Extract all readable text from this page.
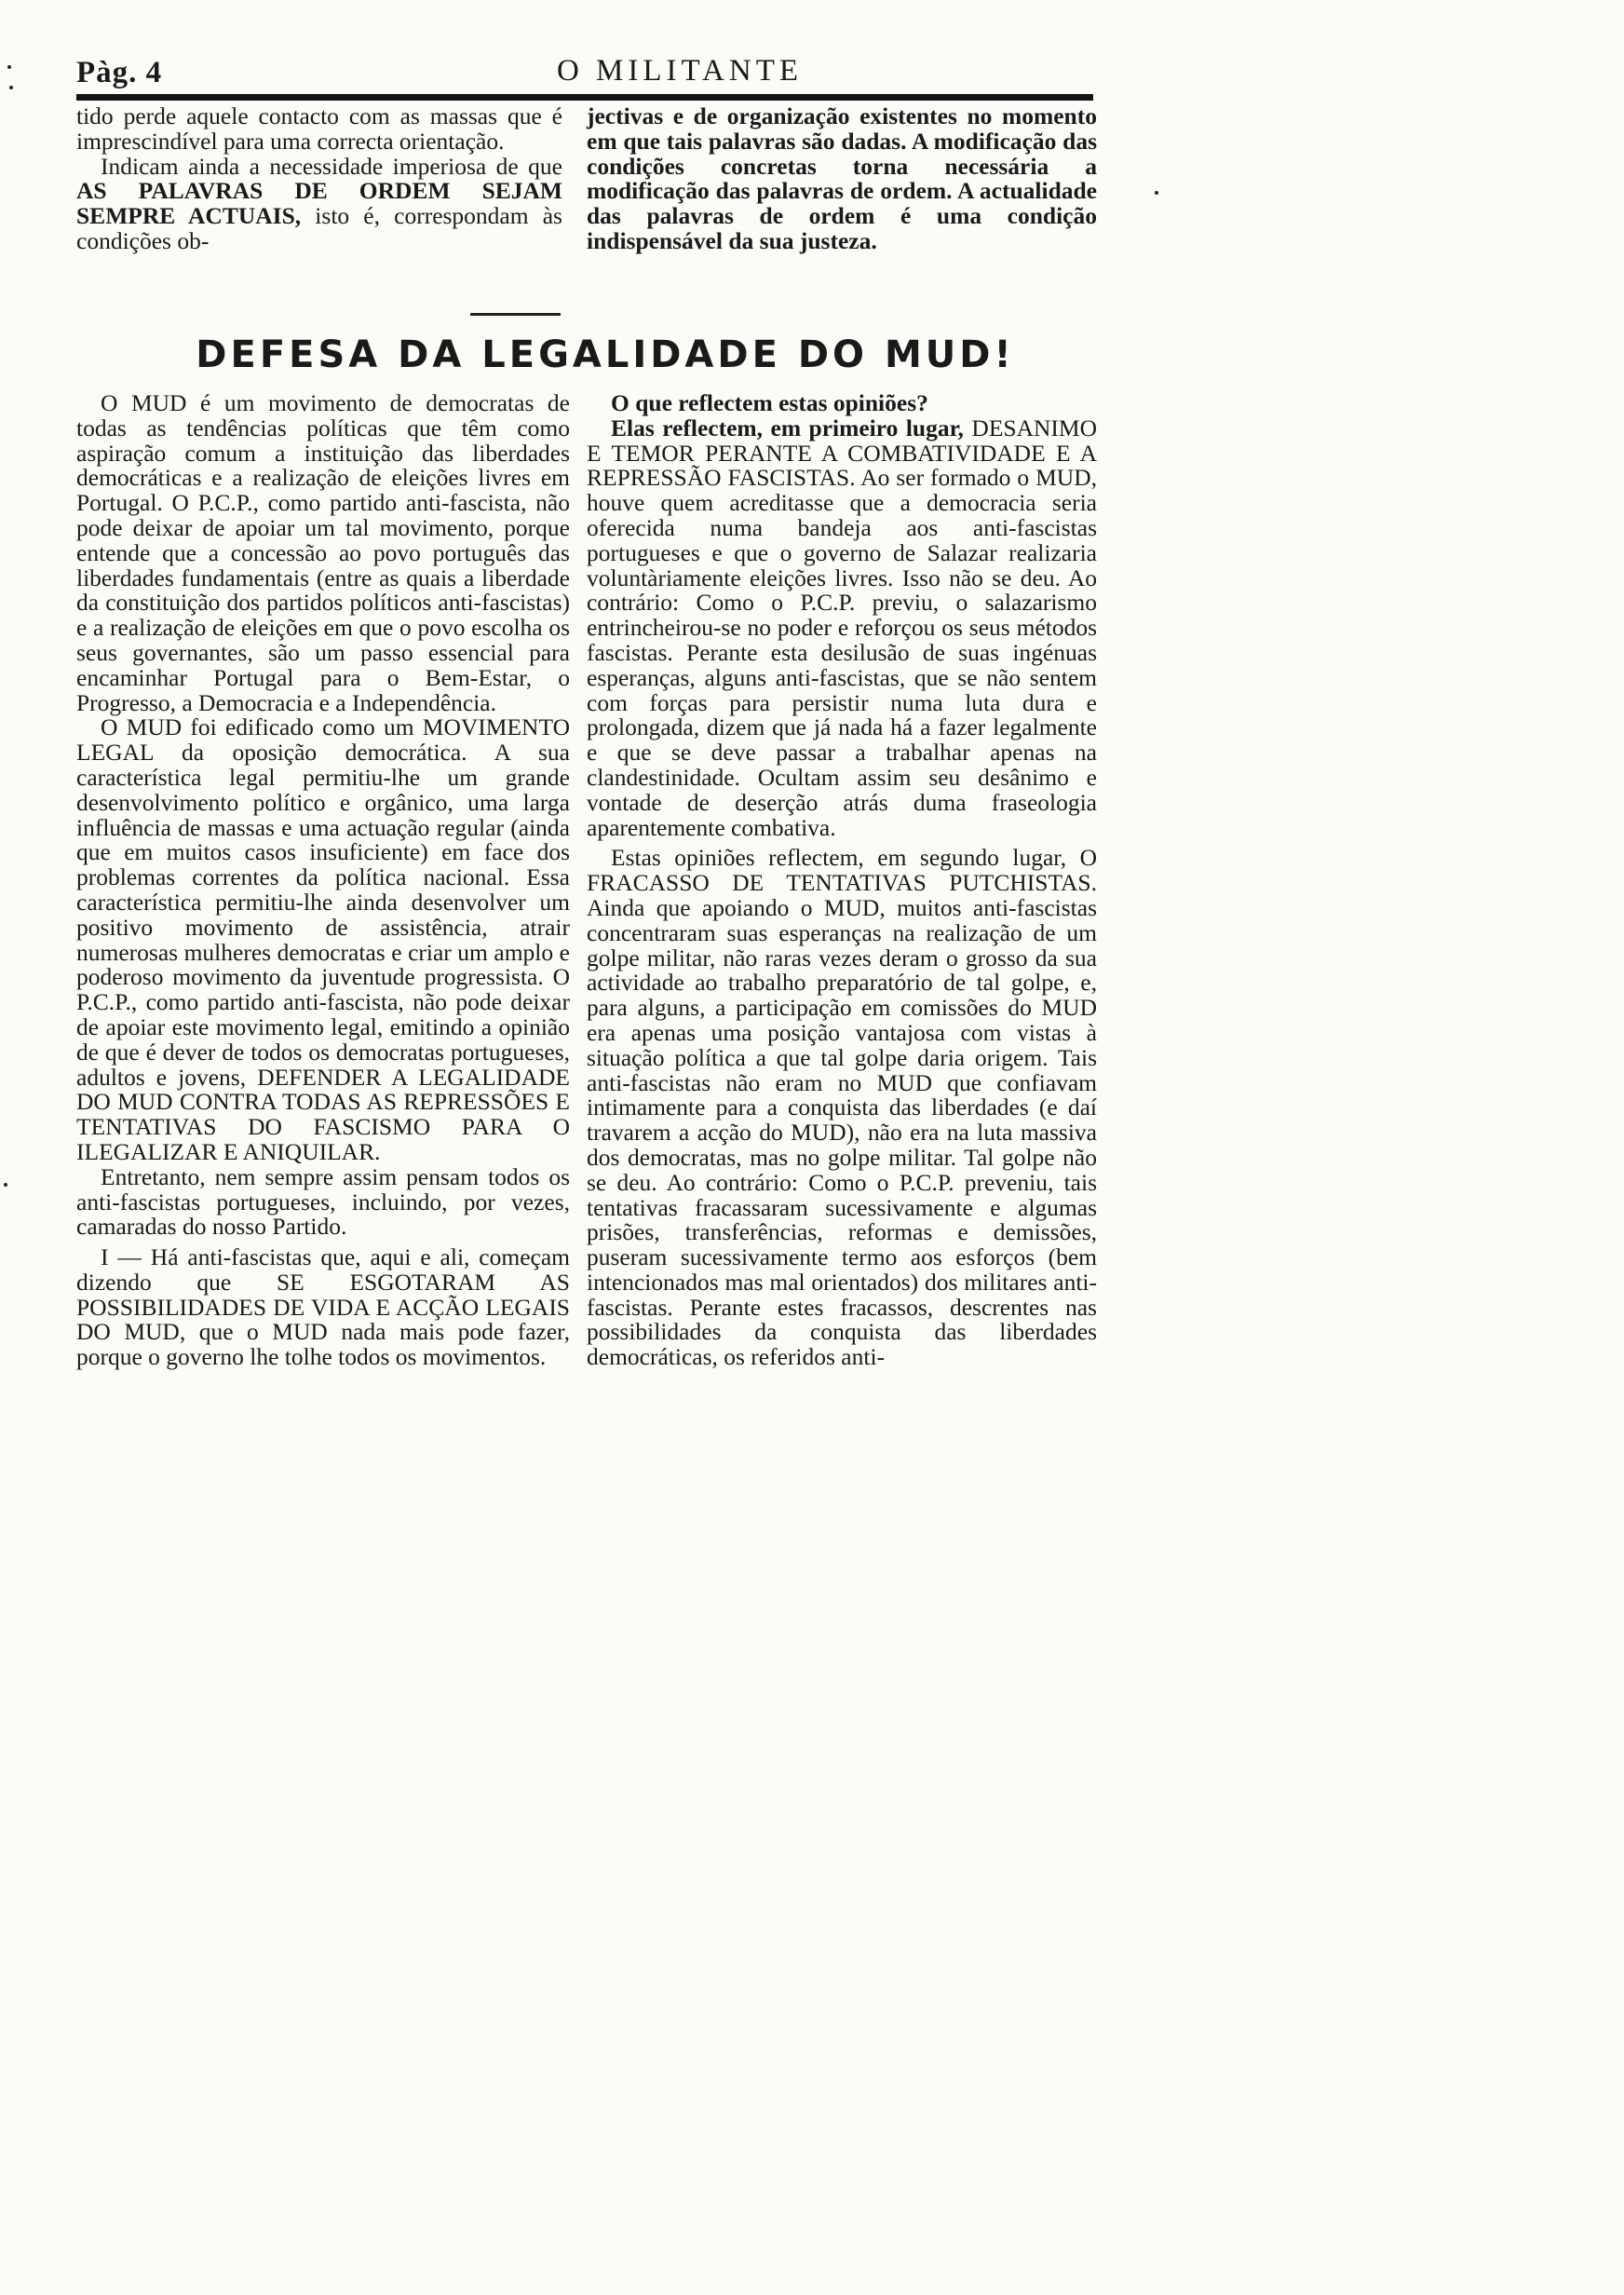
Pàg. 4	O MILITANTE

tido perde aquele contacto com as massas que é imprescindível para uma correcta orientação.

Indicam ainda a necessidade imperiosa de que AS PALAVRAS DE ORDEM SEJAM SEMPRE ACTUAIS, isto é, correspondam às condições ob-

jectivas e de organização existentes no momento em que tais palavras são dadas. A modificação das condições concretas torna necessária a modificação das palavras de ordem. A actualidade das palavras de ordem é uma condição indispensável da sua justeza.

DEFESA DA LEGALIDADE DO MUD!

O MUD é um movimento de democratas de todas as tendências políticas que têm como aspiração comum a instituição das liberdades democráticas e a realização de eleições livres em Portugal. O P.C.P., como partido anti-fascista, não pode deixar de apoiar um tal movimento, porque entende que a concessão ao povo português das liberdades fundamentais (entre as quais a liberdade da constituição dos partidos políticos anti-fascistas) e a realização de eleições em que o povo escolha os seus governantes, são um passo essencial para encaminhar Portugal para o Bem-Estar, o Progresso, a Democracia e a Independência.

O MUD foi edificado como um MOVIMENTO LEGAL da oposição democrática. A sua característica legal permitiu-lhe um grande desenvolvimento político e orgânico, uma larga influência de massas e uma actuação regular (ainda que em muitos casos insuficiente) em face dos problemas correntes da política nacional. Essa característica permitiu-lhe ainda desenvolver um positivo movimento de assistência, atrair numerosas mulheres democratas e criar um amplo e poderoso movimento da juventude progressista. O P.C.P., como partido anti-fascista, não pode deixar de apoiar este movimento legal, emitindo a opinião de que é dever de todos os democratas portugueses, adultos e jovens, DEFENDER A LEGALIDADE DO MUD CONTRA TODAS AS REPRESSÕES E TENTATIVAS DO FASCISMO PARA O ILEGALIZAR E ANIQUILAR.

Entretanto, nem sempre assim pensam todos os anti-fascistas portugueses, incluindo, por vezes, camaradas do nosso Partido.

I — Há anti-fascistas que, aqui e ali, começam dizendo que SE ESGOTARAM AS POSSIBILIDADES DE VIDA E ACÇÃO LEGAIS DO MUD, que o MUD nada mais pode fazer, porque o governo lhe tolhe todos os movimentos.

O que reflectem estas opiniões?

Elas reflectem, em primeiro lugar, DESANIMO E TEMOR PERANTE A COMBATIVIDADE E A REPRESSÃO FASCISTAS. Ao ser formado o MUD, houve quem acreditasse que a democracia seria oferecida numa bandeja aos anti-fascistas portugueses e que o governo de Salazar realizaria voluntàriamente eleições livres. Isso não se deu. Ao contrário: Como o P.C.P. previu, o salazarismo entrincheirou-se no poder e reforçou os seus métodos fascistas. Perante esta desilusão de suas ingénuas esperanças, alguns anti-fascistas, que se não sentem com forças para persistir numa luta dura e prolongada, dizem que já nada há a fazer legalmente e que se deve passar a trabalhar apenas na clandestinidade. Ocultam assim seu desânimo e vontade de deserção atrás duma fraseologia aparentemente combativa.

Estas opiniões reflectem, em segundo lugar, O FRACASSO DE TENTATIVAS PUTCHISTAS. Ainda que apoiando o MUD, muitos anti-fascistas concentraram suas esperanças na realização de um golpe militar, não raras vezes deram o grosso da sua actividade ao trabalho preparatório de tal golpe, e, para alguns, a participação em comissões do MUD era apenas uma posição vantajosa com vistas à situação política a que tal golpe daria origem. Tais anti-fascistas não eram no MUD que confiavam intimamente para a conquista das liberdades (e daí travarem a acção do MUD), não era na luta massiva dos democratas, mas no golpe militar. Tal golpe não se deu. Ao contrário: Como o P.C.P. preveniu, tais tentativas fracassaram sucessivamente e algumas prisões, transferências, reformas e demissões, puseram sucessivamente termo aos esforços (bem intencionados mas mal orientados) dos militares anti-fascistas. Perante estes fracassos, descrentes nas possibilidades da conquista das liberdades democráticas, os referidos anti-
